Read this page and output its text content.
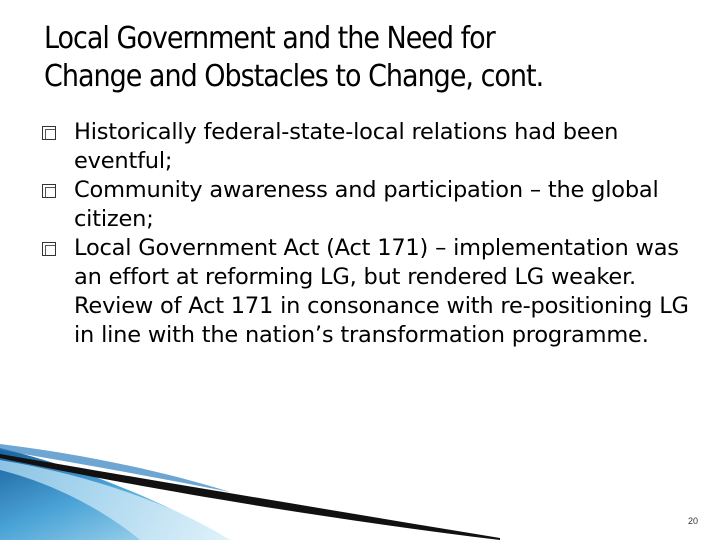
Local Government and the Need for
Change and Obstacles to Change, cont.
Historically federal-state-local relations had been eventful;
Community awareness and participation – the global citizen;
Local Government Act (Act 171) – implementation was an effort at reforming LG, but rendered LG weaker. Review of Act 171 in consonance with re-positioning LG in line with the nation’s transformation programme.
20
